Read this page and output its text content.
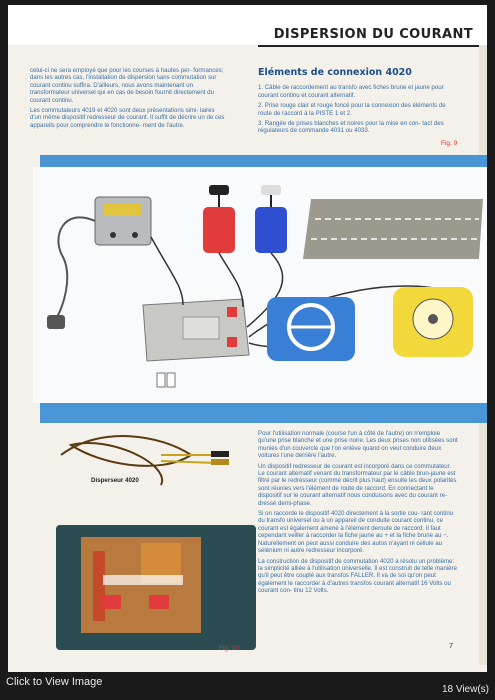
DISPERSION DU COURANT

celui-ci ne sera employé que pour les courses à hautes per- formances; dans les autres cas, l'installation de dispersion sans commutation sur courant continu suffira. D'ailleurs, nous avons maintenant un transformateur universel qui en cas de besoin fournit directement du courant continu.

Les commutateurs 4019 et 4020 sont deux présentations simi- laires d'un même dispositif redresseur de courant. Il suffit de décrire un de ces appareils pour comprendre le fonctionne- ment de l'autre.

Eléments de connexion 4020

1. Câble de raccordement au transfo avec fiches brune et jaune pour courant continu et courant alternatif.

2. Prise rouge clair et rouge foncé pour la connexion des éléments de route de raccord à la PISTE 1 et 2.

3. Rangée de prises blanches et noires pour la mise en con- tact des régulateurs de commande 4031 ou 4033.

Fig. 9
Disperseur 4020
Fig. 10

Pour l'utilisation normale (course l'un à côté de l'autre) on n'emploie qu'une prise blanche et une prise noire. Les deux prises non utilisées sont munies d'un couvercle que l'on enlève quand on veut conduire deux voitures l'une derrière l'autre.

Un dispositif redresseur de courant est incorporé dans ce commutateur. Le courant alternatif venant du transformateur par le câble brun-jaune est filtré par le redresseur (comme décrit plus haut) ensuite les deux polarités sont réunies vers l'élément de route de raccord. En connectant le dispositif sur le courant alternatif nous conduisons avec du courant re- dressé demi-phase.

Si on raccorde le dispositif 4020 directement à la sortie cou- rant continu du transfo universel ou à un appareil de conduite courant continu, ce courant est également amené à l'élément deroute de raccord. Il faut cependant veiller à raccorder la fiche jaune au + et la fiche brune au −. Naturellement on peut aussi conduire des autos n'ayant ni cellule au sélénium ni autre redresseur incorporé.

La construction de dispositif de commutation 4020 a résolu un problème: la simplicité alliée à l'utilisation universelle. Il est construit de telle manière qu'il peut être couplé aux transfos FALLER. Il va de soi qu'on peut également le raccorder à d'autres transfos courant alternatif 16 Volts ou courant con- tinu 12 Volts.

7
Click to View Image
18 View(s)
